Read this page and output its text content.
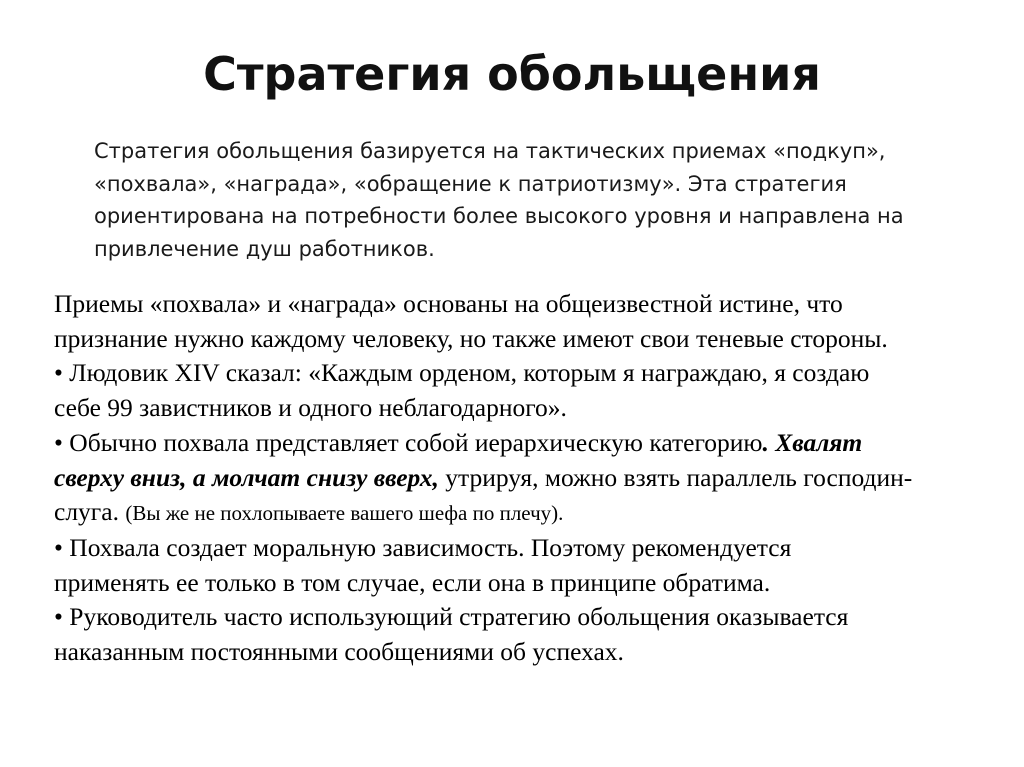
Стратегия обольщения
Стратегия обольщения базируется на тактических приемах «подкуп»,
«похвала», «награда», «обращение к патриотизму». Эта стратегия
ориентирована на потребности более высокого уровня и направлена на
привлечение душ работников.
Приемы «похвала» и «награда» основаны на общеизвестной истине, что
признание нужно каждому человеку, но также имеют свои теневые стороны.
• Людовик XIV сказал: «Каждым орденом, которым я награждаю, я создаю
себе 99 завистников и одного неблагодарного».
• Обычно похвала представляет собой иерархическую категорию. Хвалят
сверху вниз, а молчат снизу вверх, утрируя, можно взять параллель господин-
слуга. (Вы же не похлопываете вашего шефа по плечу).
• Похвала создает моральную зависимость. Поэтому рекомендуется
применять ее только в том случае, если она в принципе обратима.
• Руководитель часто использующий стратегию обольщения оказывается
наказанным постоянными сообщениями об успехах.
